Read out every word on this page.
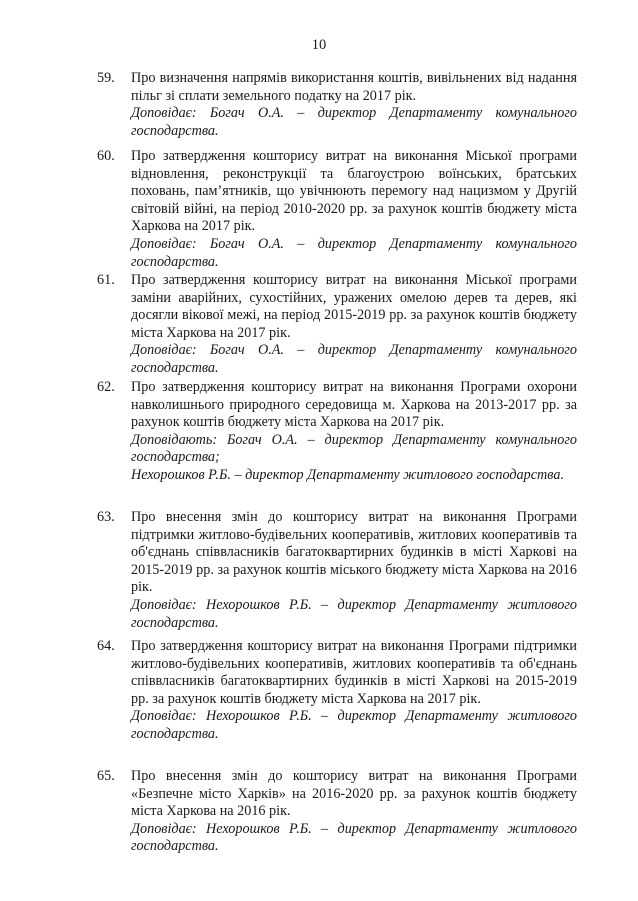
10
59.	Про визначення напрямів використання коштів, вивільнених від надання пільг зі сплати земельного податку на 2017 рік.
Доповідає: Богач О.А. – директор Департаменту комунального господарства.
60.	Про затвердження кошторису витрат на виконання Міської програми відновлення, реконструкції та благоустрою воїнських, братських поховань, пам’ятників, що увічнюють перемогу над нацизмом у Другій світовій війні, на період 2010-2020 рр. за рахунок коштів бюджету міста Харкова на 2017 рік.
Доповідає: Богач О.А. – директор Департаменту комунального господарства.
61.	Про затвердження кошторису витрат на виконання Міської програми заміни аварійних, сухостійних, уражених омелою дерев та дерев, які досягли вікової межі, на період 2015-2019 рр. за рахунок коштів бюджету міста Харкова на 2017 рік.
Доповідає: Богач О.А. – директор Департаменту комунального господарства.
62.	Про затвердження кошторису витрат на виконання Програми охорони навколишнього природного середовища м. Харкова на 2013-2017 рр. за рахунок коштів бюджету міста Харкова на 2017 рік.
Доповідають: Богач О.А. – директор Департаменту комунального господарства;
Нехорошков Р.Б. – директор Департаменту житлового господарства.
63.	Про внесення змін до кошторису витрат на виконання Програми підтримки житлово-будівельних кооперативів, житлових кооперативів та об'єднань співвласників багатоквартирних будинків в місті Харкові на 2015-2019 рр. за рахунок коштів міського бюджету міста Харкова на 2016 рік.
Доповідає: Нехорошков Р.Б. – директор Департаменту житлового господарства.
64.	Про затвердження кошторису витрат на виконання Програми підтримки житлово-будівельних кооперативів, житлових кооперативів та об'єднань співвласників багатоквартирних будинків в місті Харкові на 2015-2019 рр. за рахунок коштів бюджету міста Харкова на 2017 рік.
Доповідає: Нехорошков Р.Б. – директор Департаменту житлового господарства.
65.	Про внесення змін до кошторису витрат на виконання Програми «Безпечне місто Харків» на 2016-2020 рр. за рахунок коштів бюджету міста Харкова на 2016 рік.
Доповідає: Нехорошков Р.Б. – директор Департаменту житлового господарства.
